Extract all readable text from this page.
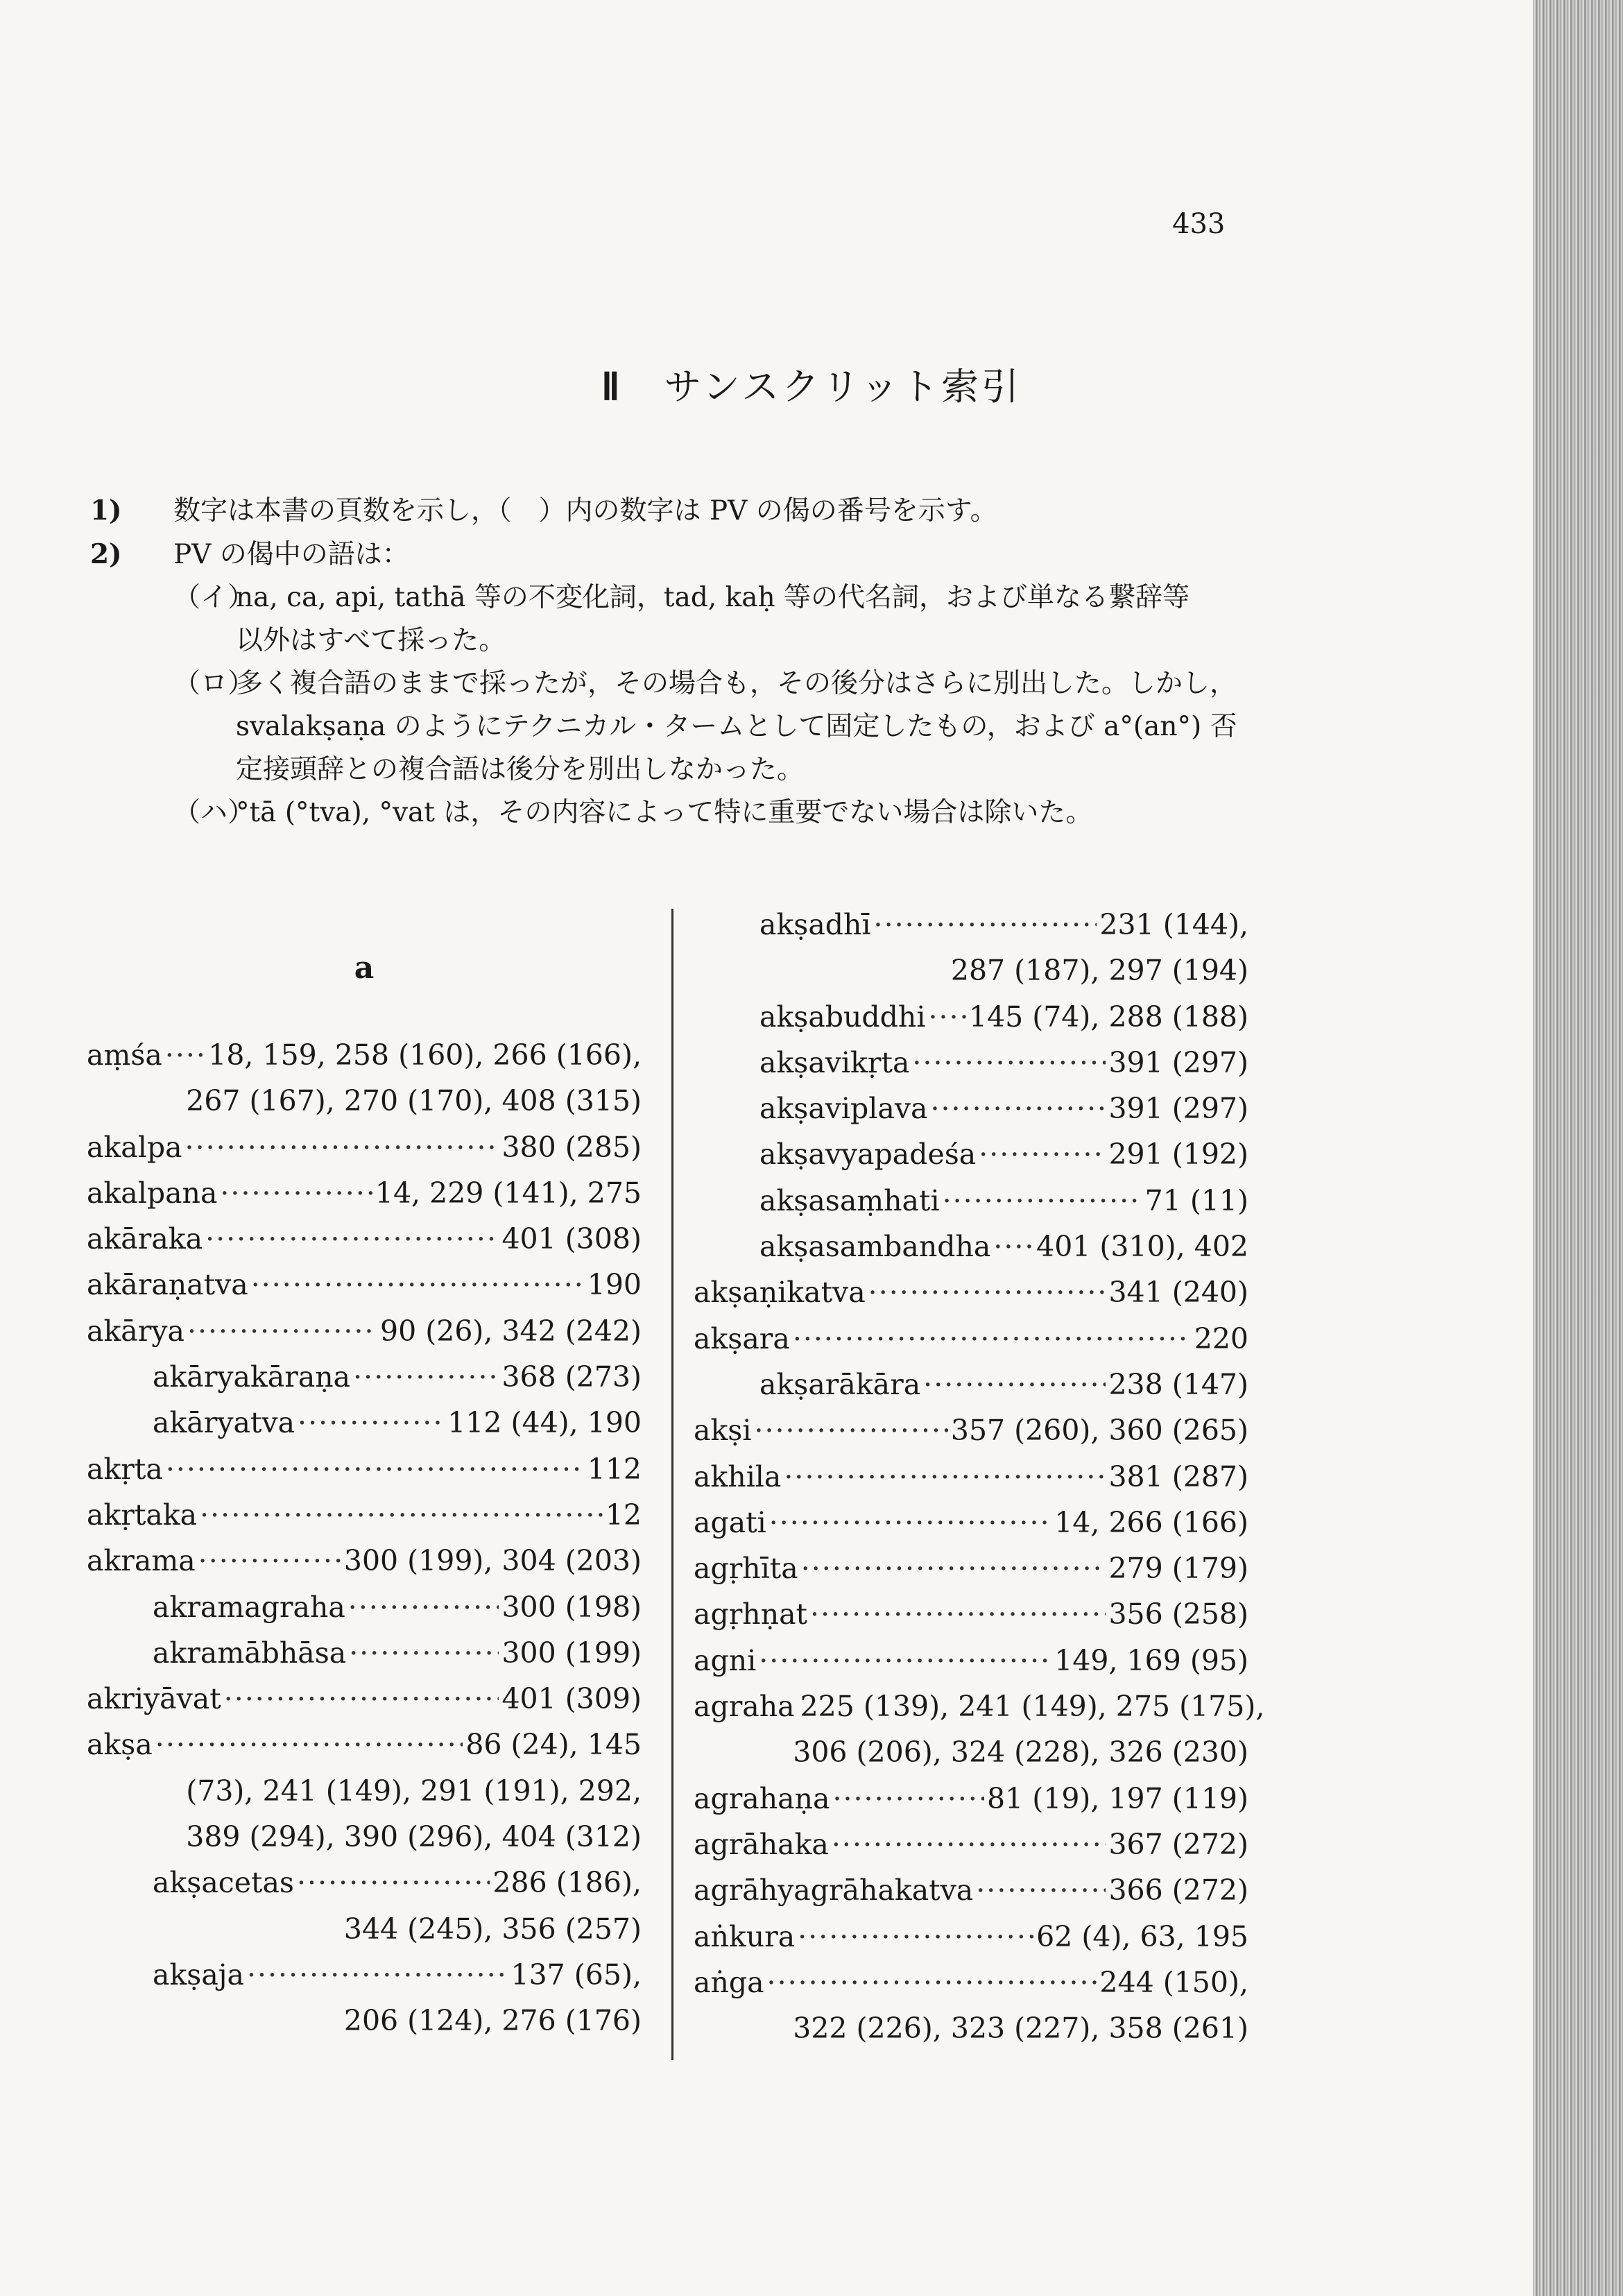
433
Ⅱ サンスクリット索引
1) 数字は本書の頁数を示し，（　）内の数字は PV の偈の番号を示す。
2) PV の偈中の語は：
（イ）na, ca, api, tathā 等の不変化詞，tad, kaḥ 等の代名詞，および単なる繋辞等
以外はすべて採った。
（ロ）多く複合語のままで採ったが，その場合も，その後分はさらに別出した。しかし，
svalakṣaṇa のようにテクニカル・タームとして固定したもの，および a°(an°) 否
定接頭辞との複合語は後分を別出しなかった。
（ハ）°tā (°tva), °vat は，その内容によって特に重要でない場合は除いた。
a
aṃśa ····· 18, 159, 258 (160), 266 (166),
267 (167), 270 (170), 408 (315)
akalpa ·····	380 (285)
akalpana ·····	14, 229 (141), 275
akāraka ·····	401 (308)
akāraṇatva ·····	190
akārya ·····	90 (26), 342 (242)
akāryakāraṇa ·····	368 (273)
akāryatva ·····	112 (44), 190
akṛta ·····	112
akṛtaka ·····	12
akrama ·····	300 (199), 304 (203)
akramagraha ·····	300 (198)
akramābhāsa ·····	300 (199)
akriyāvat ·····	401 (309)
akṣa ·····	86 (24), 145
(73), 241 (149), 291 (191), 292,
389 (294), 390 (296), 404 (312)
akṣacetas ·····	286 (186),
344 (245), 356 (257)
akṣaja ·····	137 (65),
206 (124), 276 (176)
akṣadhī ·····	231 (144),
287 (187), 297 (194)
akṣabuddhi ····· 145 (74), 288 (188)
akṣavikṛta ·····	391 (297)
akṣaviplava ·····	391 (297)
akṣavyapadeśa ·····	291 (192)
akṣasaṃhati ·····	71 (11)
akṣasambandha ····· 401 (310), 402
akṣaṇikatva ·····	341 (240)
akṣara ·····	220
akṣarākāra ·····	238 (147)
akṣi ·····	357 (260), 360 (265)
akhila ·····	381 (287)
agati ·····	14, 266 (166)
agṛhīta ·····	279 (179)
agṛhṇat ·····	356 (258)
agni ·····	149, 169 (95)
agraha 225 (139), 241 (149), 275 (175),
306 (206), 324 (228), 326 (230)
agrahaṇa ·····	81 (19), 197 (119)
agrāhaka ·····	367 (272)
agrāhyagrāhakatva ·····	366 (272)
aṅkura ·····	62 (4), 63, 195
aṅga ·····	244 (150),
322 (226), 323 (227), 358 (261)
